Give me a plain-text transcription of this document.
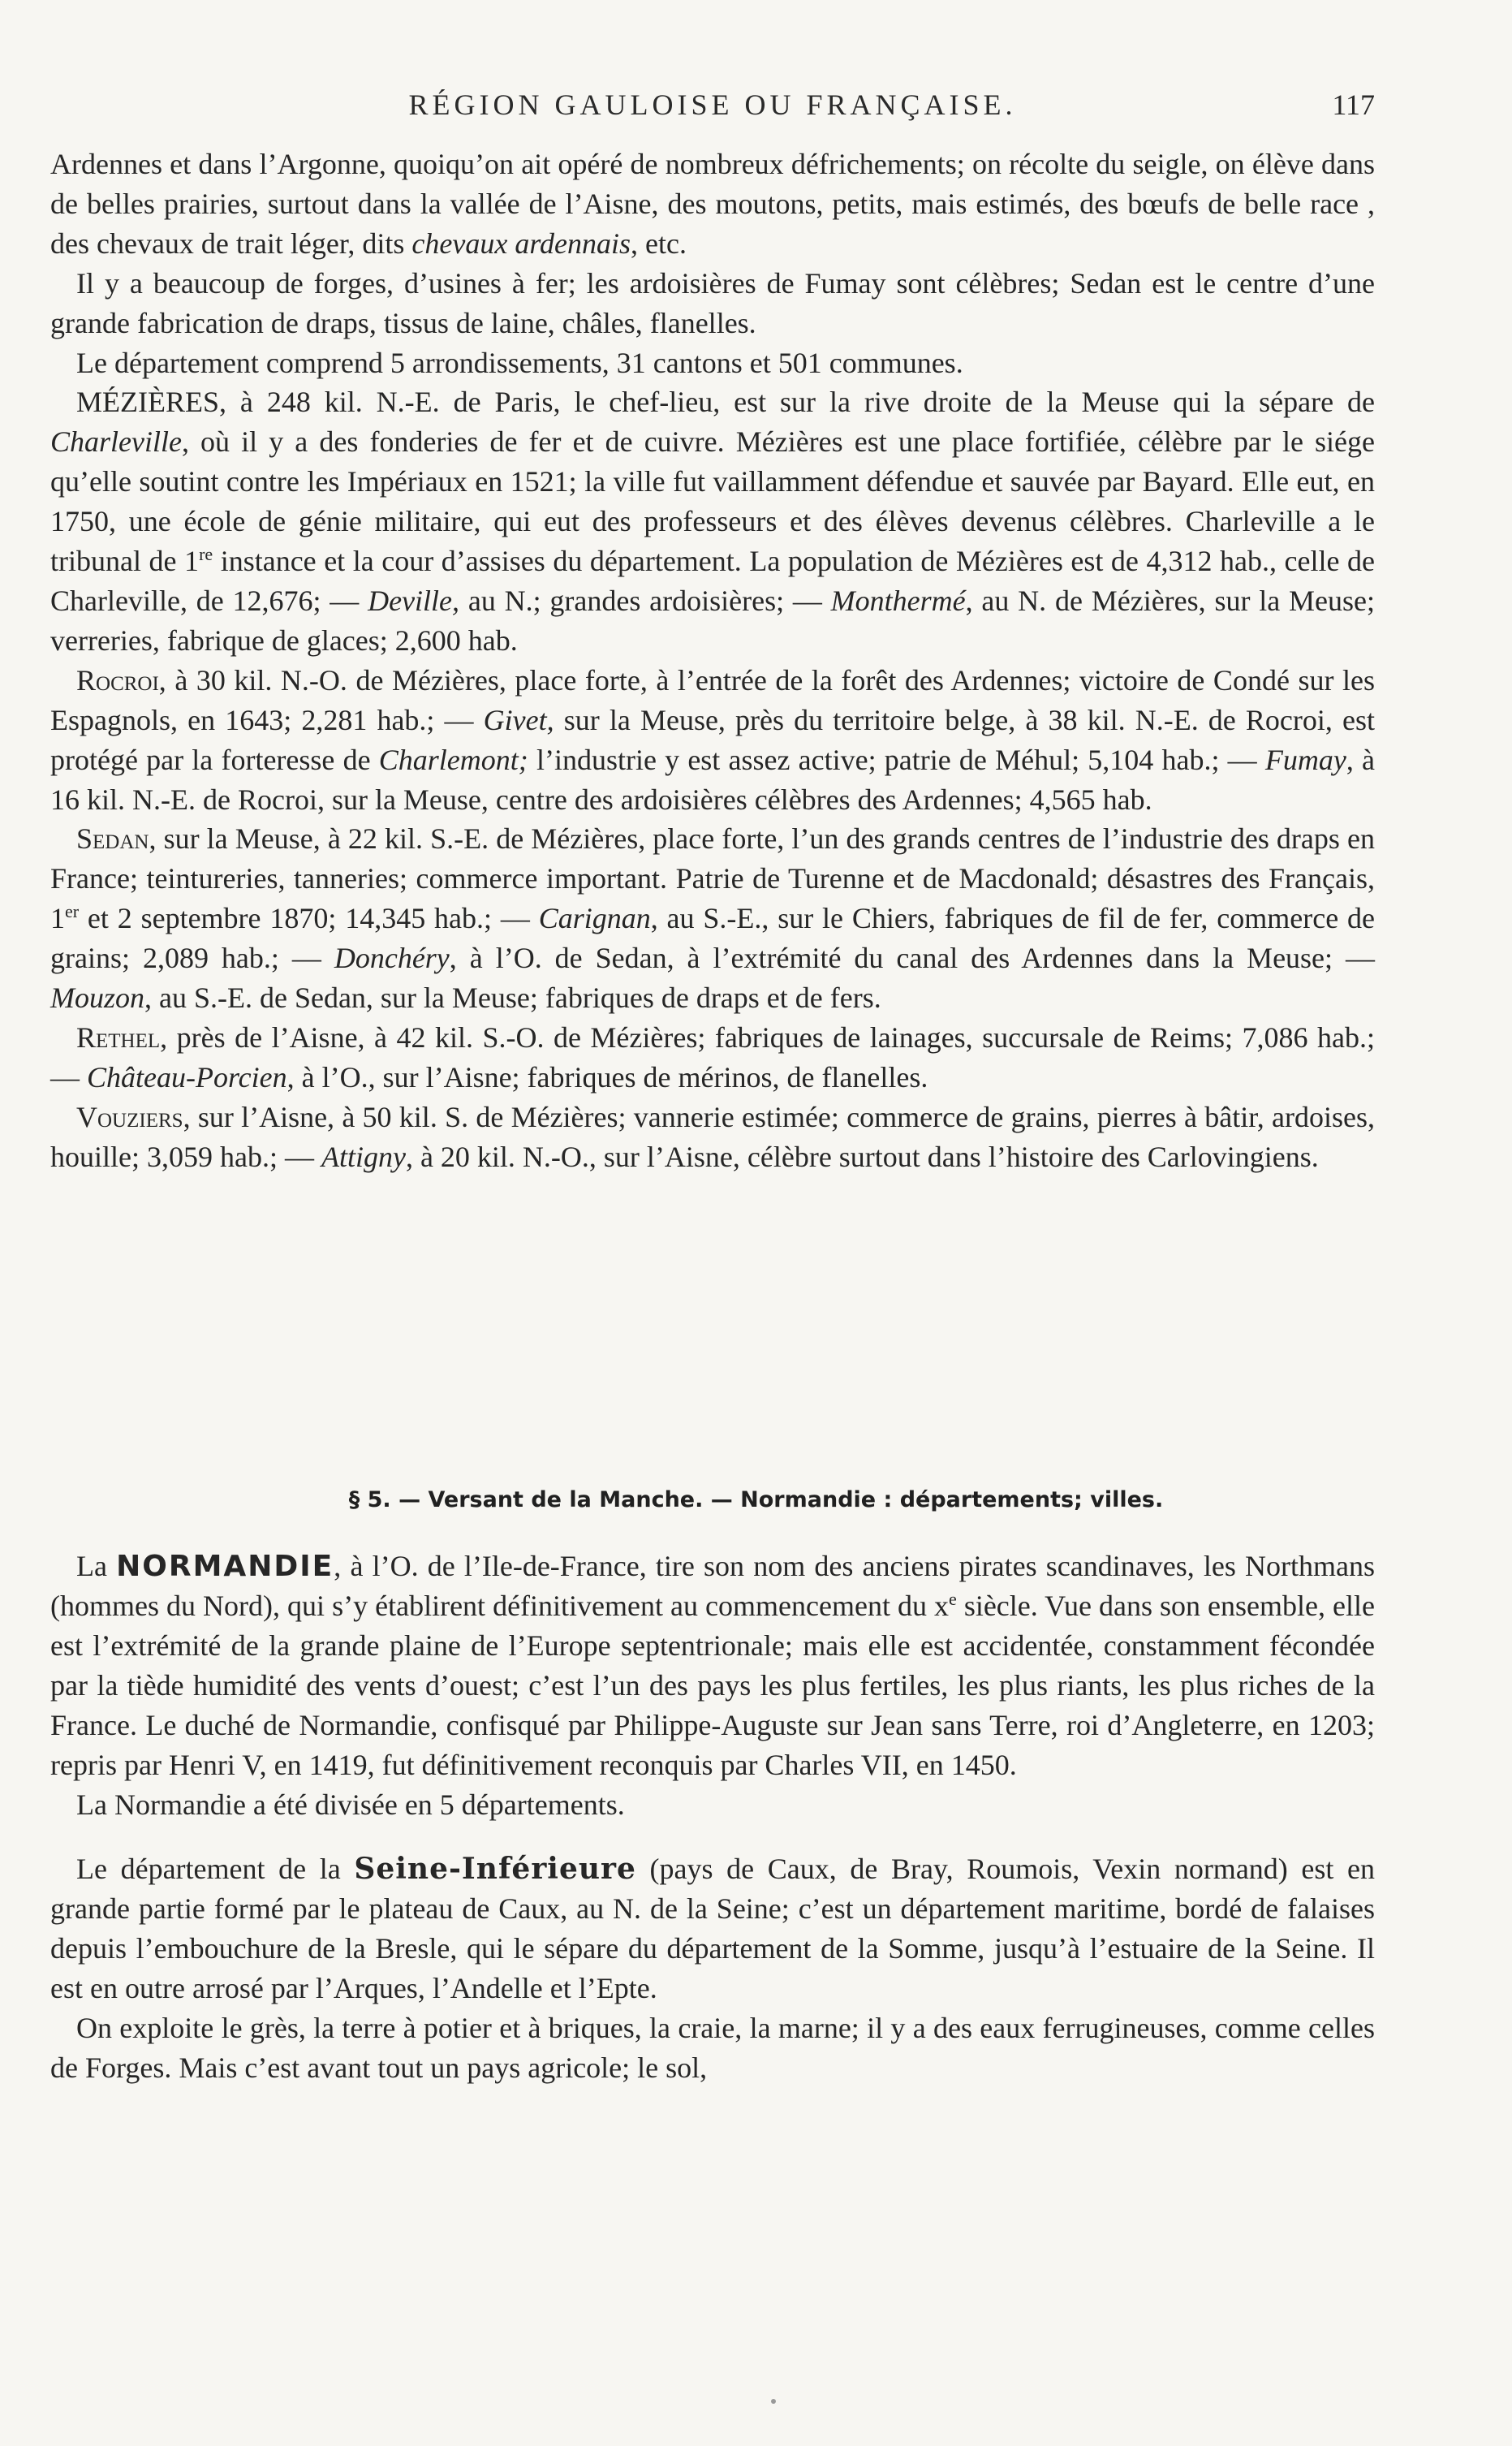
RÉGION GAULOISE OU FRANÇAISE.	117

Ardennes et dans l’Argonne, quoiqu’on ait opéré de nombreux défrichements; on récolte du seigle, on élève dans de belles prairies, surtout dans la vallée de l’Aisne, des moutons, petits, mais estimés, des bœufs de belle race , des chevaux de trait léger, dits chevaux ardennais, etc.

Il y a beaucoup de forges, d’usines à fer; les ardoisières de Fumay sont célèbres; Sedan est le centre d’une grande fabrication de draps, tissus de laine, châles, flanelles.

Le département comprend 5 arrondissements, 31 cantons et 501 communes.

MÉZIÈRES, à 248 kil. N.-E. de Paris, le chef-lieu, est sur la rive droite de la Meuse qui la sépare de Charleville, où il y a des fonderies de fer et de cuivre. Mézières est une place fortifiée, célèbre par le siége qu’elle soutint contre les Impériaux en 1521; la ville fut vaillamment défendue et sauvée par Bayard. Elle eut, en 1750, une école de génie militaire, qui eut des professeurs et des élèves devenus célèbres. Charleville a le tribunal de 1re instance et la cour d’assises du département. La population de Mézières est de 4,312 hab., celle de Charleville, de 12,676; — Deville, au N.; grandes ardoisières; — Monthermé, au N. de Mézières, sur la Meuse; verreries, fabrique de glaces; 2,600 hab.

Rocroi, à 30 kil. N.-O. de Mézières, place forte, à l’entrée de la forêt des Ardennes; victoire de Condé sur les Espagnols, en 1643; 2,281 hab.; — Givet, sur la Meuse, près du territoire belge, à 38 kil. N.-E. de Rocroi, est protégé par la forteresse de Charlemont; l’industrie y est assez active; patrie de Méhul; 5,104 hab.; — Fumay, à 16 kil. N.-E. de Rocroi, sur la Meuse, centre des ardoisières célèbres des Ardennes; 4,565 hab.

Sedan, sur la Meuse, à 22 kil. S.-E. de Mézières, place forte, l’un des grands centres de l’industrie des draps en France; teintureries, tanneries; commerce important. Patrie de Turenne et de Macdonald; désastres des Français, 1er et 2 septembre 1870; 14,345 hab.; — Carignan, au S.-E., sur le Chiers, fabriques de fil de fer, commerce de grains; 2,089 hab.; — Donchéry, à l’O. de Sedan, à l’extrémité du canal des Ardennes dans la Meuse; — Mouzon, au S.-E. de Sedan, sur la Meuse; fabriques de draps et de fers.

Rethel, près de l’Aisne, à 42 kil. S.-O. de Mézières; fabriques de lainages, succursale de Reims; 7,086 hab.; — Château-Porcien, à l’O., sur l’Aisne; fabriques de mérinos, de flanelles.

Vouziers, sur l’Aisne, à 50 kil. S. de Mézières; vannerie estimée; commerce de grains, pierres à bâtir, ardoises, houille; 3,059 hab.; — Attigny, à 20 kil. N.-O., sur l’Aisne, célèbre surtout dans l’histoire des Carlovingiens.

§ 5. — Versant de la Manche. — Normandie : départements; villes.

La NORMANDIE, à l’O. de l’Ile-de-France, tire son nom des anciens pirates scandinaves, les Northmans (hommes du Nord), qui s’y établirent définitivement au commencement du $x^e$ siècle. Vue dans son ensemble, elle est l’extrémité de la grande plaine de l’Europe septentrionale; mais elle est accidentée, constamment fécondée par la tiède humidité des vents d’ouest; c’est l’un des pays les plus fertiles, les plus riants, les plus riches de la France. Le duché de Normandie, confisqué par Philippe-Auguste sur Jean sans Terre, roi d’Angleterre, en 1203; repris par Henri V, en 1419, fut définitivement reconquis par Charles VII, en 1450.

La Normandie a été divisée en 5 départements.

Le département de la Seine-Inférieure (pays de Caux, de Bray, Roumois, Vexin normand) est en grande partie formé par le plateau de Caux, au N. de la Seine; c’est un département maritime, bordé de falaises depuis l’embouchure de la Bresle, qui le sépare du département de la Somme, jusqu’à l’estuaire de la Seine. Il est en outre arrosé par l’Arques, l’Andelle et l’Epte.

On exploite le grès, la terre à potier et à briques, la craie, la marne; il y a des eaux ferrugineuses, comme celles de Forges. Mais c’est avant tout un pays agricole; le sol,
